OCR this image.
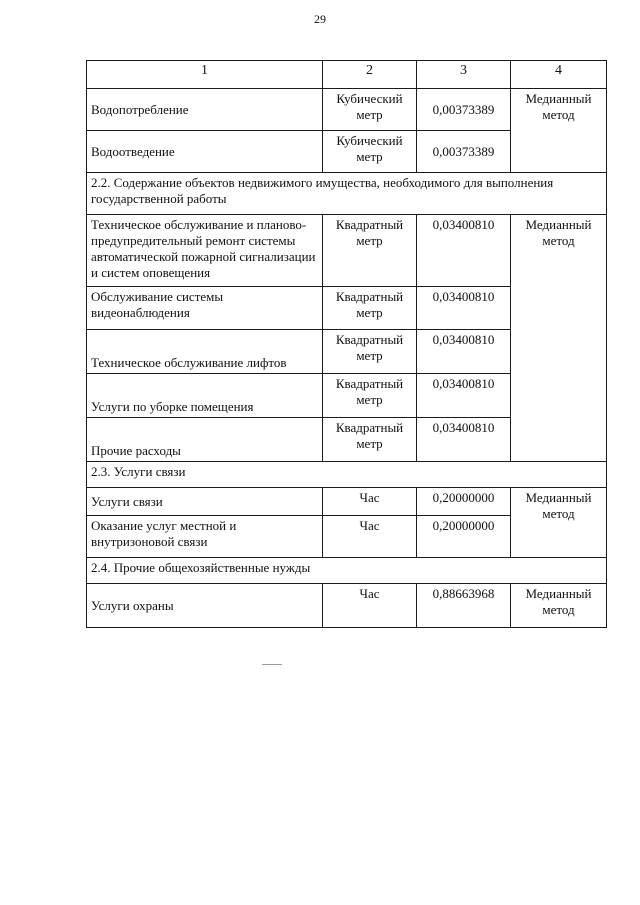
29
1	2	3	4
Водопотребление	Кубический метр	0,00373389	Медианный метод
Водоотведение	Кубический метр	0,00373389	
2.2. Содержание объектов недвижимого имущества, необходимого для выполнения государственной работы			
Техническое обслуживание и планово-предупредительный ремонт системы автоматической пожарной сигнализации и систем оповещения	Квадратный метр	0,03400810	Медианный метод
Обслуживание системы видеонаблюдения	Квадратный метр	0,03400810	
Техническое обслуживание лифтов	Квадратный метр	0,03400810	
Услуги по уборке помещения	Квадратный метр	0,03400810	
Прочие расходы	Квадратный метр	0,03400810	
2.3. Услуги связи			
Услуги связи	Час	0,20000000	Медианный метод
Оказание услуг местной и внутризоновой связи	Час	0,20000000	
2.4. Прочие общехозяйственные нужды			
Услуги охраны	Час	0,88663968	Медианный метод
